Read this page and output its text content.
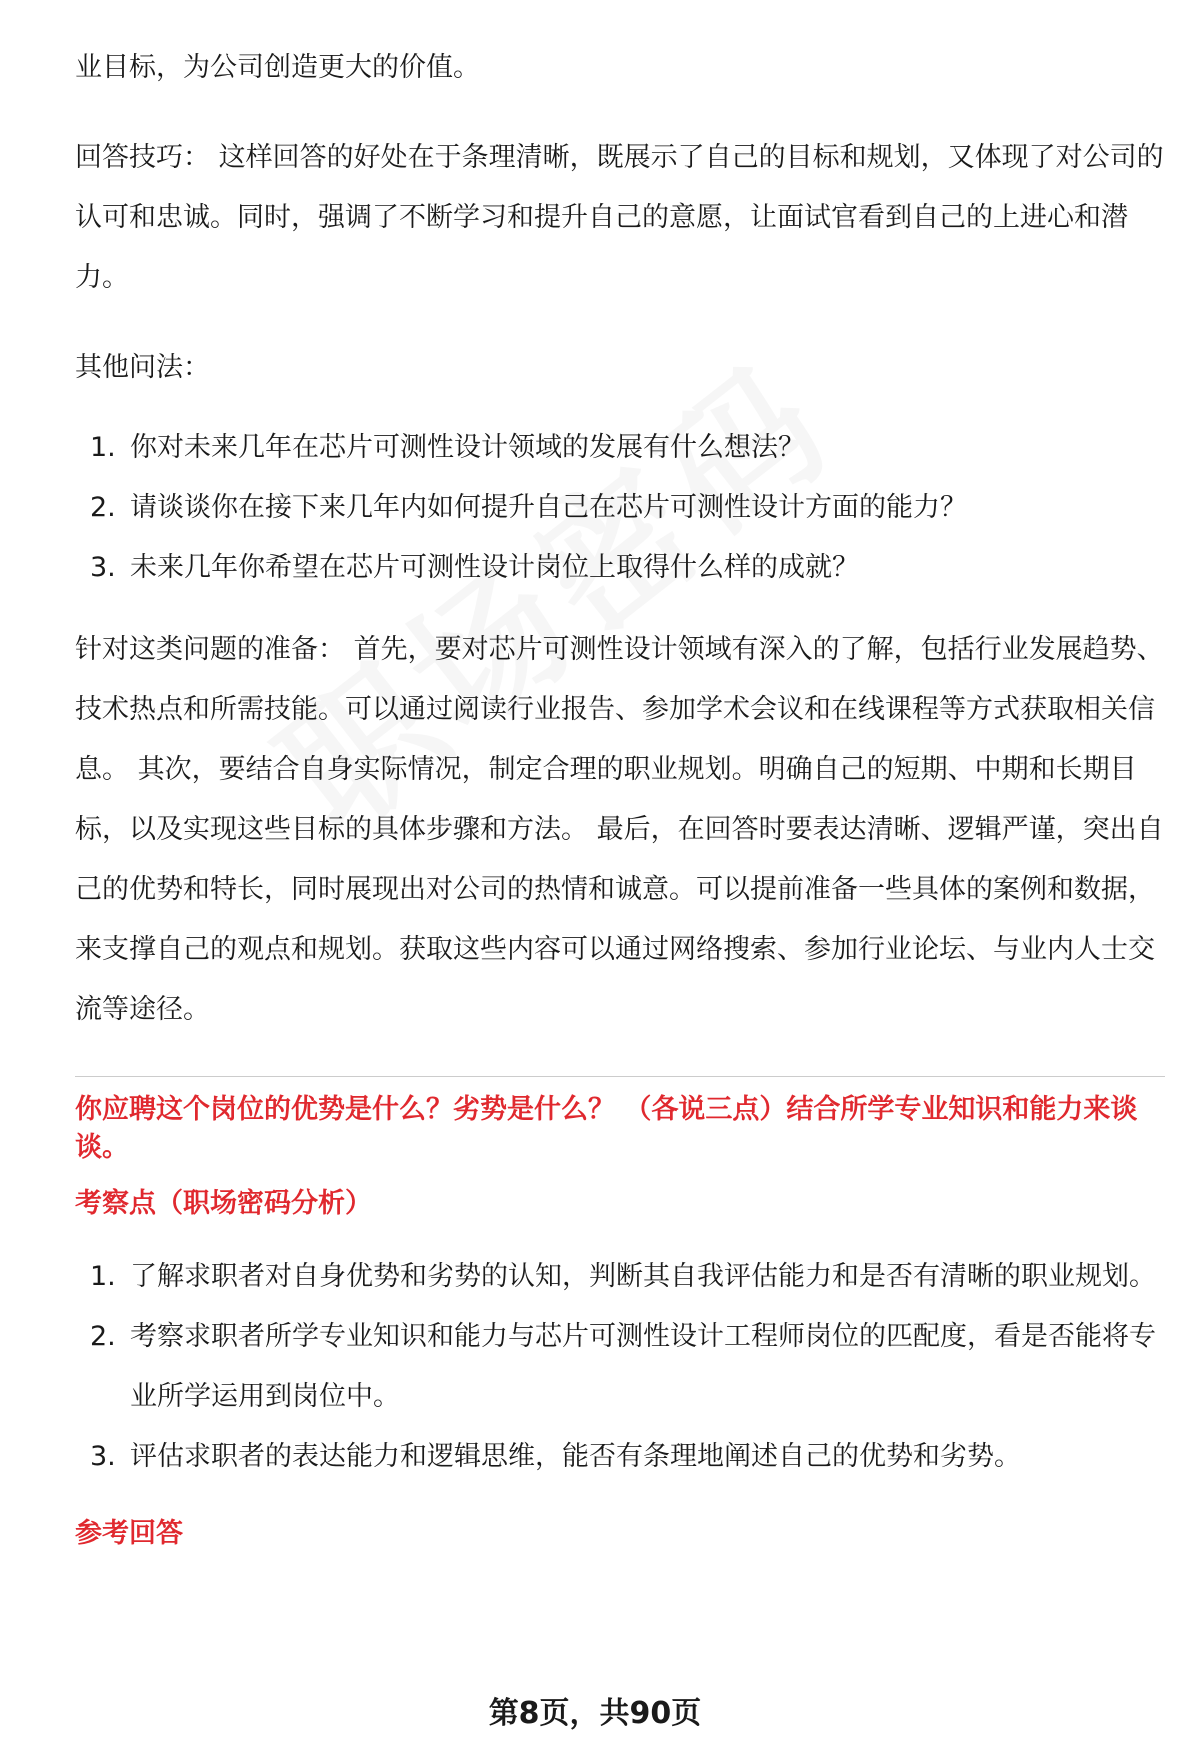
业目标，为公司创造更大的价值。

回答技巧： 这样回答的好处在于条理清晰，既展示了自己的目标和规划，又体现了对公司的认可和忠诚。同时，强调了不断学习和提升自己的意愿，让面试官看到自己的上进心和潜力。

其他问法：

1. 你对未来几年在芯片可测性设计领域的发展有什么想法？
2. 请谈谈你在接下来几年内如何提升自己在芯片可测性设计方面的能力？
3. 未来几年你希望在芯片可测性设计岗位上取得什么样的成就？

针对这类问题的准备： 首先，要对芯片可测性设计领域有深入的了解，包括行业发展趋势、技术热点和所需技能。可以通过阅读行业报告、参加学术会议和在线课程等方式获取相关信息。 其次，要结合自身实际情况，制定合理的职业规划。明确自己的短期、中期和长期目标，以及实现这些目标的具体步骤和方法。 最后，在回答时要表达清晰、逻辑严谨，突出自己的优势和特长，同时展现出对公司的热情和诚意。可以提前准备一些具体的案例和数据，来支撑自己的观点和规划。获取这些内容可以通过网络搜索、参加行业论坛、与业内人士交流等途径。

你应聘这个岗位的优势是什么？劣势是什么？ （各说三点）结合所学专业知识和能力来谈谈。

考察点（职场密码分析）

1. 了解求职者对自身优势和劣势的认知，判断其自我评估能力和是否有清晰的职业规划。
2. 考察求职者所学专业知识和能力与芯片可测性设计工程师岗位的匹配度，看是否能将专业所学运用到岗位中。
3. 评估求职者的表达能力和逻辑思维，能否有条理地阐述自己的优势和劣势。

参考回答

第8页，共90页
